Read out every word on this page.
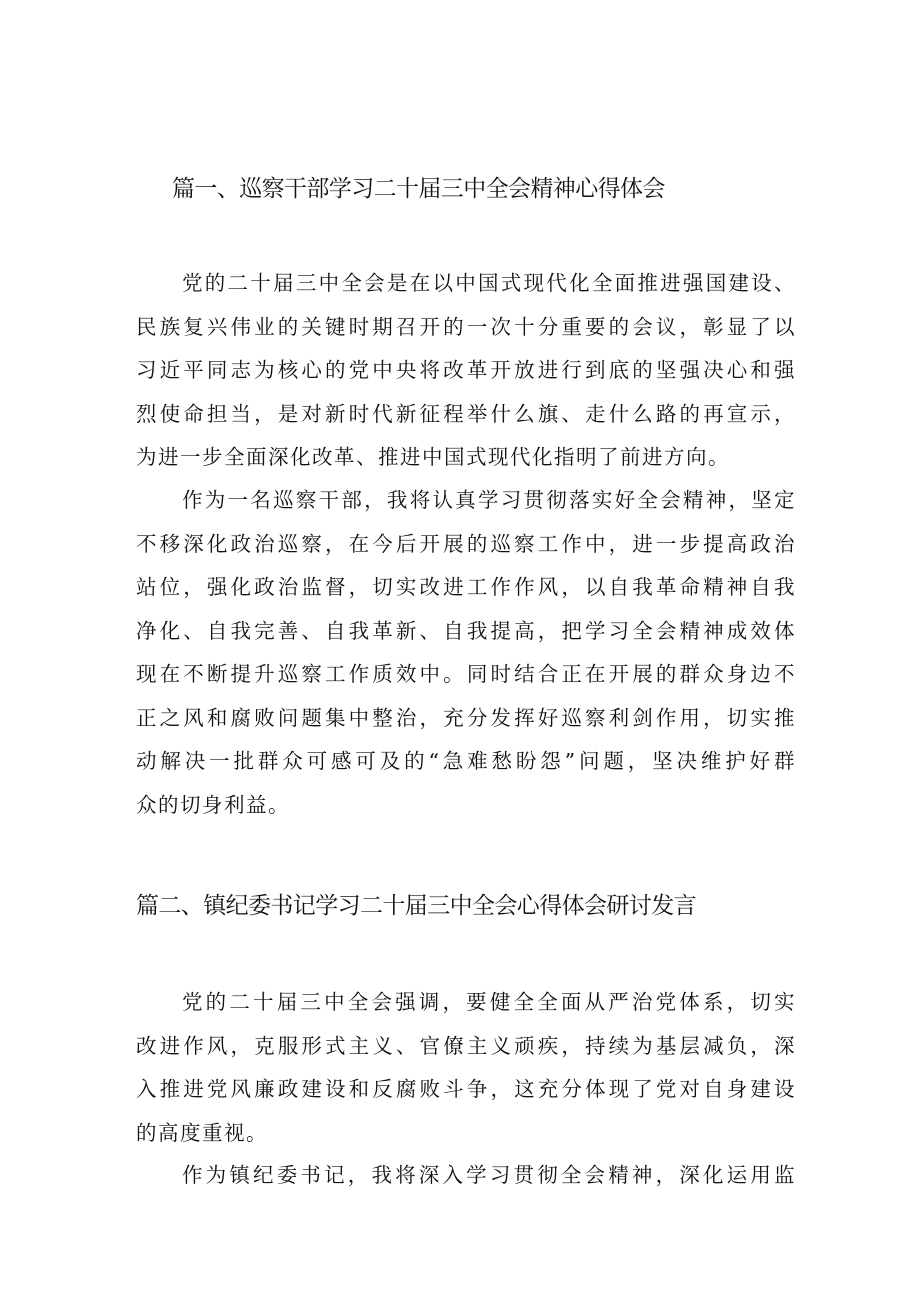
篇一、巡察干部学习二十届三中全会精神心得体会
党的二十届三中全会是在以中国式现代化全面推进强国建设、
民族复兴伟业的关键时期召开的一次十分重要的会议，彰显了以
习近平同志为核心的党中央将改革开放进行到底的坚强决心和强
烈使命担当，是对新时代新征程举什么旗、走什么路的再宣示，
为进一步全面深化改革、推进中国式现代化指明了前进方向。
作为一名巡察干部，我将认真学习贯彻落实好全会精神，坚定
不移深化政治巡察，在今后开展的巡察工作中，进一步提高政治
站位，强化政治监督，切实改进工作作风，以自我革命精神自我
净化、自我完善、自我革新、自我提高，把学习全会精神成效体
现在不断提升巡察工作质效中。同时结合正在开展的群众身边不
正之风和腐败问题集中整治，充分发挥好巡察利剑作用，切实推
动解决一批群众可感可及的“急难愁盼怨”问题，坚决维护好群
众的切身利益。
篇二、镇纪委书记学习二十届三中全会心得体会研讨发言
党的二十届三中全会强调，要健全全面从严治党体系，切实
改进作风，克服形式主义、官僚主义顽疾，持续为基层减负，深
入推进党风廉政建设和反腐败斗争，这充分体现了党对自身建设
的高度重视。
作为镇纪委书记，我将深入学习贯彻全会精神，深化运用监
